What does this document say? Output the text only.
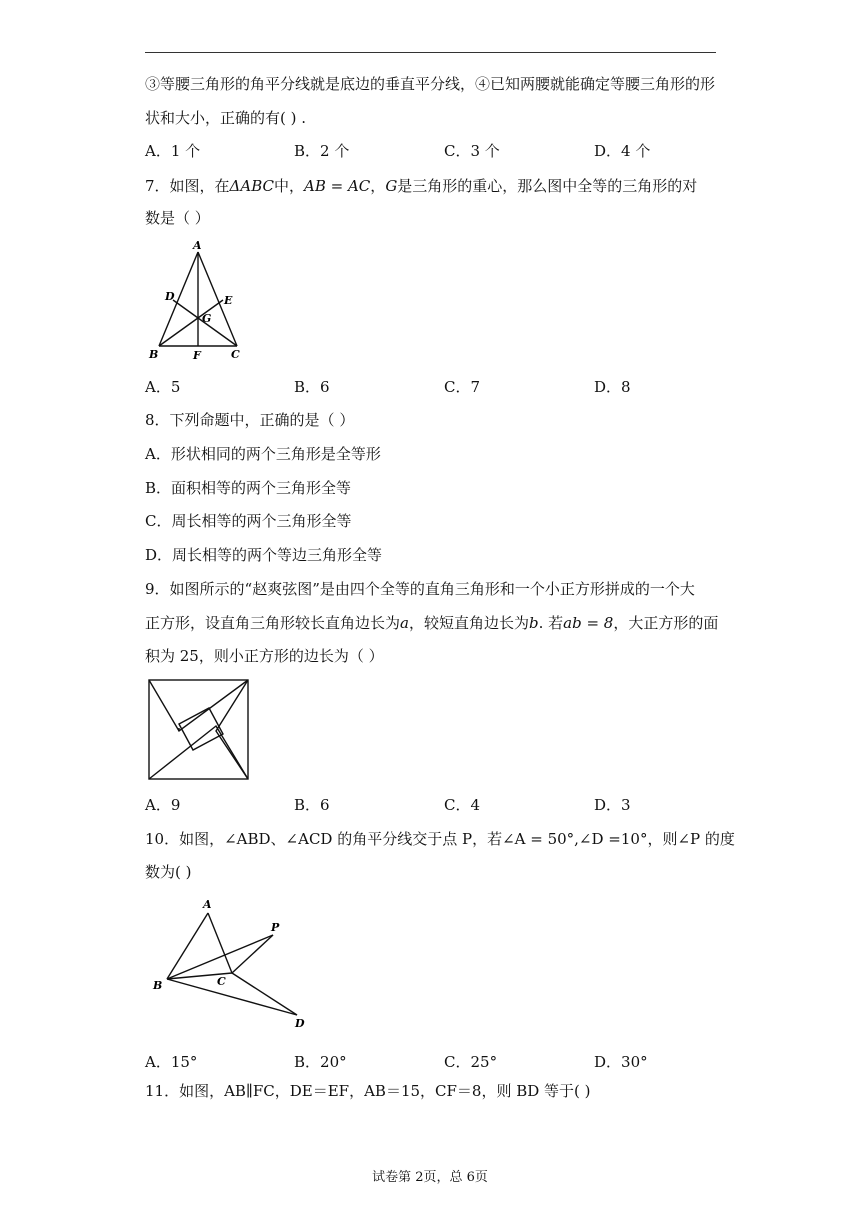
③等腰三角形的角平分线就是底边的垂直平分线，④已知两腰就能确定等腰三角形的形
状和大小，正确的有( ) .
A．1 个	B．2 个	C．3 个	D．4 个
7．如图，在ΔABC中，AB = AC，G是三角形的重心，那么图中全等的三角形的对
数是（ ）
A
D	E
G
B	F	C
A．5	B．6	C．7	D．8
8．下列命题中，正确的是（ ）
A．形状相同的两个三角形是全等形
B．面积相等的两个三角形全等
C．周长相等的两个三角形全等
D．周长相等的两个等边三角形全等
9．如图所示的“赵爽弦图”是由四个全等的直角三角形和一个小正方形拼成的一个大
正方形，设直角三角形较长直角边长为a，较短直角边长为b. 若ab = 8，大正方形的面
积为 25，则小正方形的边长为（ ）
A．9	B．6	C．4	D．3
10．如图，∠ABD、∠ACD 的角平分线交于点 P，若∠A = 50°,∠D =10°，则∠P 的度
数为( )
A
P
B	C
D
A．15°	B．20°	C．25°	D．30°
11．如图，AB∥FC，DE＝EF，AB＝15，CF＝8，则 BD 等于( )
试卷第 2页，总 6页
